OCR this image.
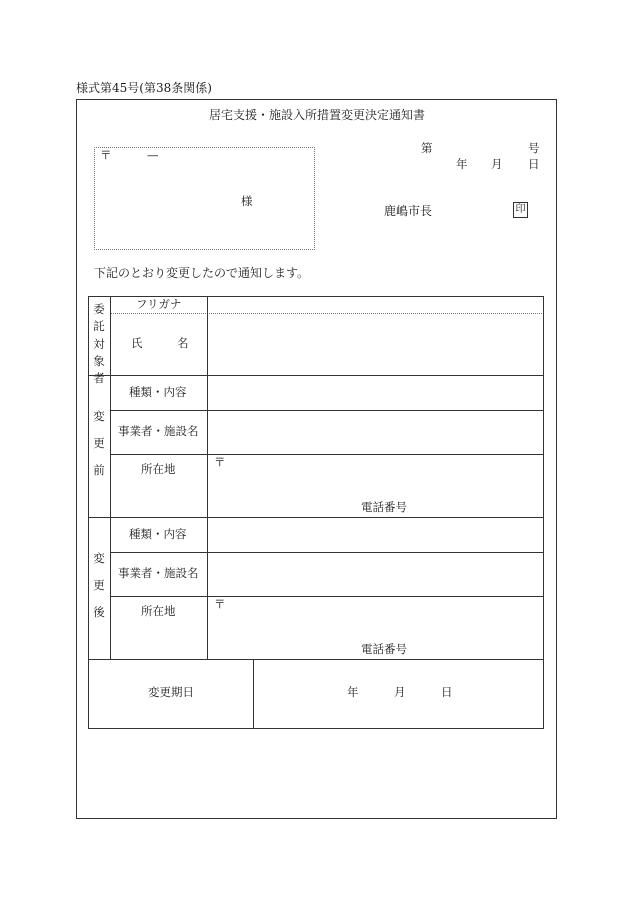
様式第45号(第38条関係)
居宅支援・施設入所措置変更決定通知書
〒	—
様
第	号
年 月 日
鹿嶋市長	印
下記のとおり変更したので通知します。
委
託
対
象
者
フリガナ
氏	名
変
更
前
種類・内容
事業者・施設名
所在地	〒
電話番号
変
更
後
種類・内容
事業者・施設名
所在地	〒
電話番号
変更期日	年	月	日
